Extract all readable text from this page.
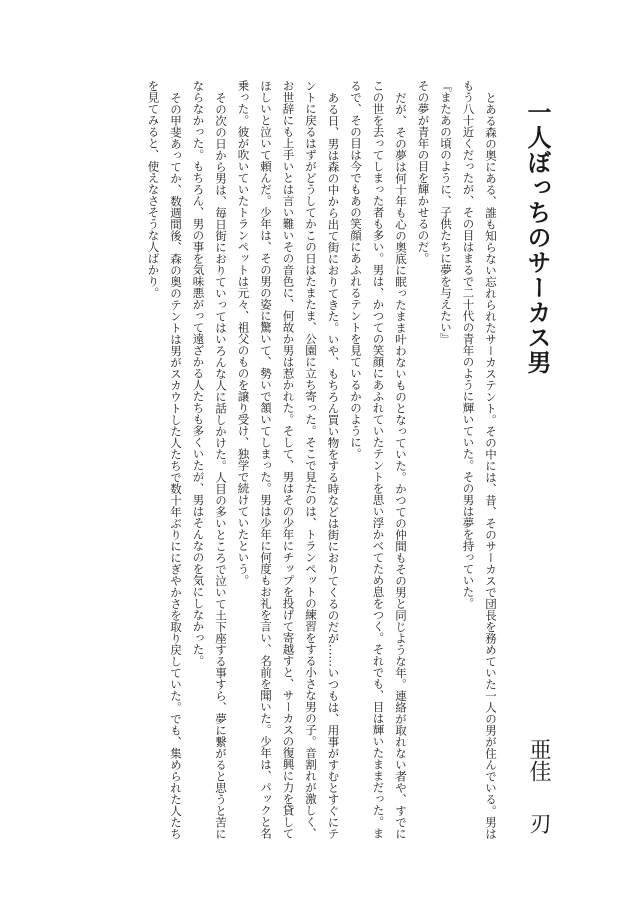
一人ぼっちのサーカス男
亜佳刃

とある森の奥にある、誰も知らない忘れられたサーカステント。その中には、昔、そのサーカスで団長を務めていた一人の男が住んでいる。男はもう八十近くだったが、その目はまるで二十代の青年のように輝いていた。その男は夢を持っていた。

『またあの頃のように、子供たちに夢を与えたい』

その夢が青年の目を輝かせるのだ。

だが、その夢は何十年も心の奥底に眠ったまま叶わないものとなっていた。かつての仲間もその男と同じような年。連絡が取れない者や、すでにこの世を去ってしまった者も多い。男は、かつての笑顔にあふれていたテントを思い浮かべてため息をつく。それでも、目は輝いたままだった。まるで、その目は今でもあの笑顔にあふれるテントを見ているかのように。

ある日、男は森の中から出て街におりてきた。いや、もちろん買い物をする時などは街におりてくるのだが……いつもは、用事がすむとすぐにテントに戻るはずがどうしてかこの日はたまたま、公園に立ち寄った。そこで見たのは、トランペットの練習をする小さな男の子。音割れが激しく、お世辞にも上手いとは言い難いその音色に、何故か男は惹かれた。そして、男はその少年にチップを投げて寄越すと、サーカスの復興に力を貸してほしいと泣いて頼んだ。少年は、その男の姿に驚いて、勢いで頷いてしまった。男は少年に何度もお礼を言い、名前を聞いた。少年は、パックと名乗った。彼が吹いていたトランペットは元々、祖父のものを譲り受け、独学で続けていたという。

その次の日から男は、毎日街におりていってはいろんな人に話しかけた。人目の多いところで泣いて土下座する事すら、夢に繋がると思うと苦にならなかった。もちろん、男の事を気味悪がって遠ざかる人たちも多くいたが、男はそんなのを気にしなかった。

その甲斐あってか、数週間後、森の奥のテントは男がスカウトした人たちで数十年ぶりににぎやかさを取り戻していた。でも、集められた人たちを見てみると、使えなさそうな人ばかり。
